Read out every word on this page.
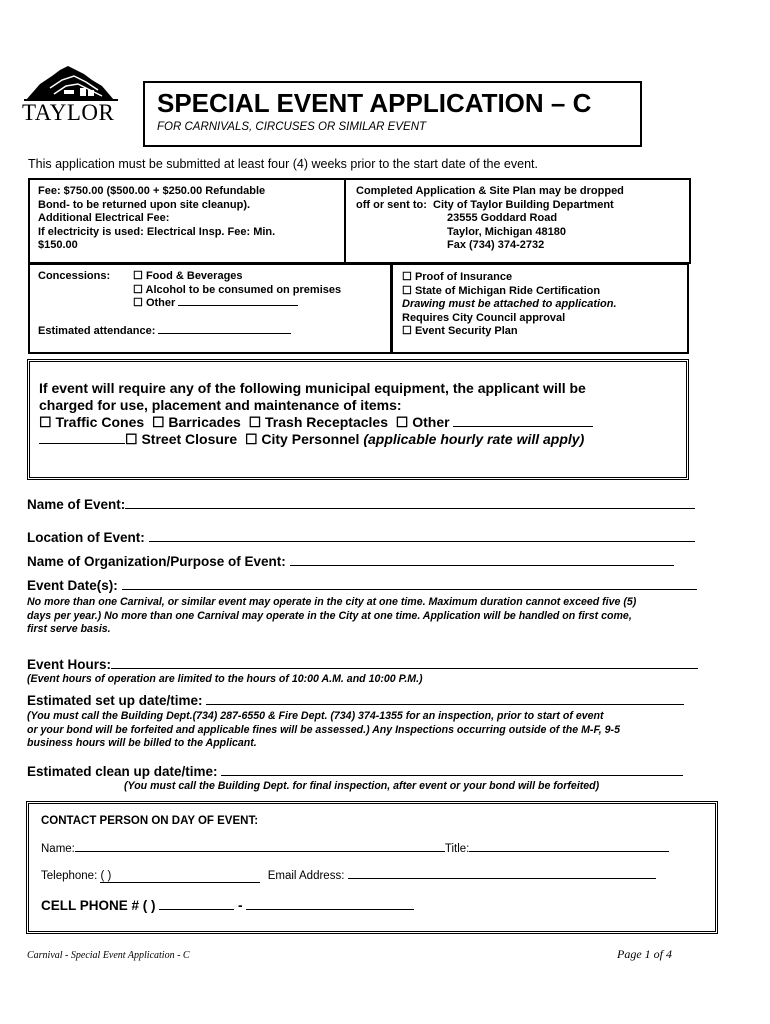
TAYLOR SPECIAL EVENT APPLICATION – C
FOR CARNIVALS, CIRCUSES OR SIMILAR EVENT
This application must be submitted at least four (4) weeks prior to the start date of the event.
Fee: $750.00 ($500.00 + $250.00 Refundable
Bond- to be returned upon site cleanup).
Additional Electrical Fee:
If electricity is used: Electrical Insp. Fee: Min.
$150.00
Completed Application & Site Plan may be dropped
off or sent to: City of Taylor Building Department
23555 Goddard Road
Taylor, Michigan 48180
Fax (734) 374-2732
Concessions: ☐	Food & Beverages
☐ Alcohol to be consumed on premises
☐ Other
Estimated attendance:
☐ Proof of Insurance
☐ State of Michigan Ride Certification
Drawing must be attached to application.
Requires City Council approval
☐ Event Security Plan
If event will require any of the following municipal equipment, the applicant will be
charged for use, placement and maintenance of items:
☐ Traffic Cones ☐ Barricades ☐ Trash Receptacles ☐ Other
☐ Street Closure ☐ City Personnel (applicable hourly rate will apply)
Name of Event:
Location of Event:
Name of Organization/Purpose of Event:
Event Date(s):
No more than one Carnival, or similar event may operate in the city at one time. Maximum duration cannot exceed five (5)
days per year.) No more than one Carnival may operate in the City at one time. Application will be handled on first come,
first serve basis.
Event Hours:
(Event hours of operation are limited to the hours of 10:00 A.M. and 10:00 P.M.)
Estimated set up date/time:
(You must call the Building Dept.(734) 287-6550 & Fire Dept. (734) 374-1355 for an inspection, prior to start of event
or your bond will be forfeited and applicable fines will be assessed.) Any Inspections occurring outside of the M-F, 9-5
business hours will be billed to the Applicant.
Estimated clean up date/time:
(You must call the Building Dept. for final inspection, after event or your bond will be forfeited)
CONTACT PERSON ON DAY OF EVENT:
Name:	Title:
Telephone: ( )	Email Address:
CELL PHONE # ( )	-
Carnival - Special Event Application - C	Page 1 of 4
